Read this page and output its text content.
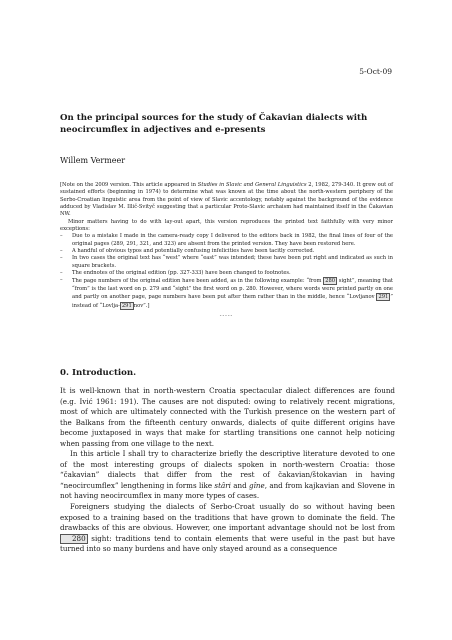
5-Oct-09
On the principal sources for the study of Čakavian dialects with neocircumflex in adjectives and e-presents
Willem Vermeer

[Note on the 2009 version. This article appeared in Studies in Slavic and General Linguistics 2, 1982, 279-340. It grew out of sustained efforts (beginning in 1974) to determine what was known at the time about the north-western periphery of the Serbo-Croatian linguistic area from the point of view of Slavic accentology, notably against the background of the evidence adduced by Vladislav M. Illič-Svityč suggesting that a particular Proto-Slavic archaism had maintained itself in the Čakavian NW.

Minor matters having to do with lay-out apart, this version reproduces the printed text faithfully with very minor exceptions:

– Due to a mistake I made in the camera-ready copy I delivered to the editors back in 1982, the final lines of four of the original pages (289, 291, 321, and 323) are absent from the printed version. They have been restored here.
– A handful of obvious typos and potentially confusing infelicities have been tacitly corrected.
– In two cases the original text has “west” where “east” was intended; these have been put right and indicated as such in square brackets.
– The endnotes of the original edition (pp. 327-333) have been changed to footnotes.
– The page numbers of the original edition have been added, as in the following example: “from 280 sight”, meaning that “from” is the last word on p. 279 and “sight” the first word on p. 280. However, where words were printed partly on one and partly on another page, page numbers have been put after them rather than in the middle, hence “Lovljanov 291 ” instead of “Lovlja- 291 nov”.]
-----
0. Introduction.

It is well-known that in north-western Croatia spectacular dialect differences are found (e.g. Ivić 1961: 191). The causes are not disputed: owing to relatively recent migrations, most of which are ultimately connected with the Turkish presence on the western part of the Balkans from the fifteenth century onwards, dialects of quite different origins have become juxtaposed in ways that make for startling transitions one cannot help noticing when passing from one village to the next.

In this article I shall try to characterize briefly the descriptive literature devoted to one of the most interesting groups of dialects spoken in north-western Croatia: those “čakavian” dialects that differ from the rest of čakavian/štokavian in having “neocircumflex” lengthening in forms like stâri and gîne, and from kajkavian and Slovene in not having neocircumflex in many more types of cases.

Foreigners studying the dialects of Serbo-Croat usually do so without having been exposed to a training based on the traditions that have grown to dominate the field. The drawbacks of this are obvious. However, one important advantage should not be lost from 280 sight: traditions tend to contain elements that were useful in the past but have turned into so many burdens and have only stayed around as a consequence
